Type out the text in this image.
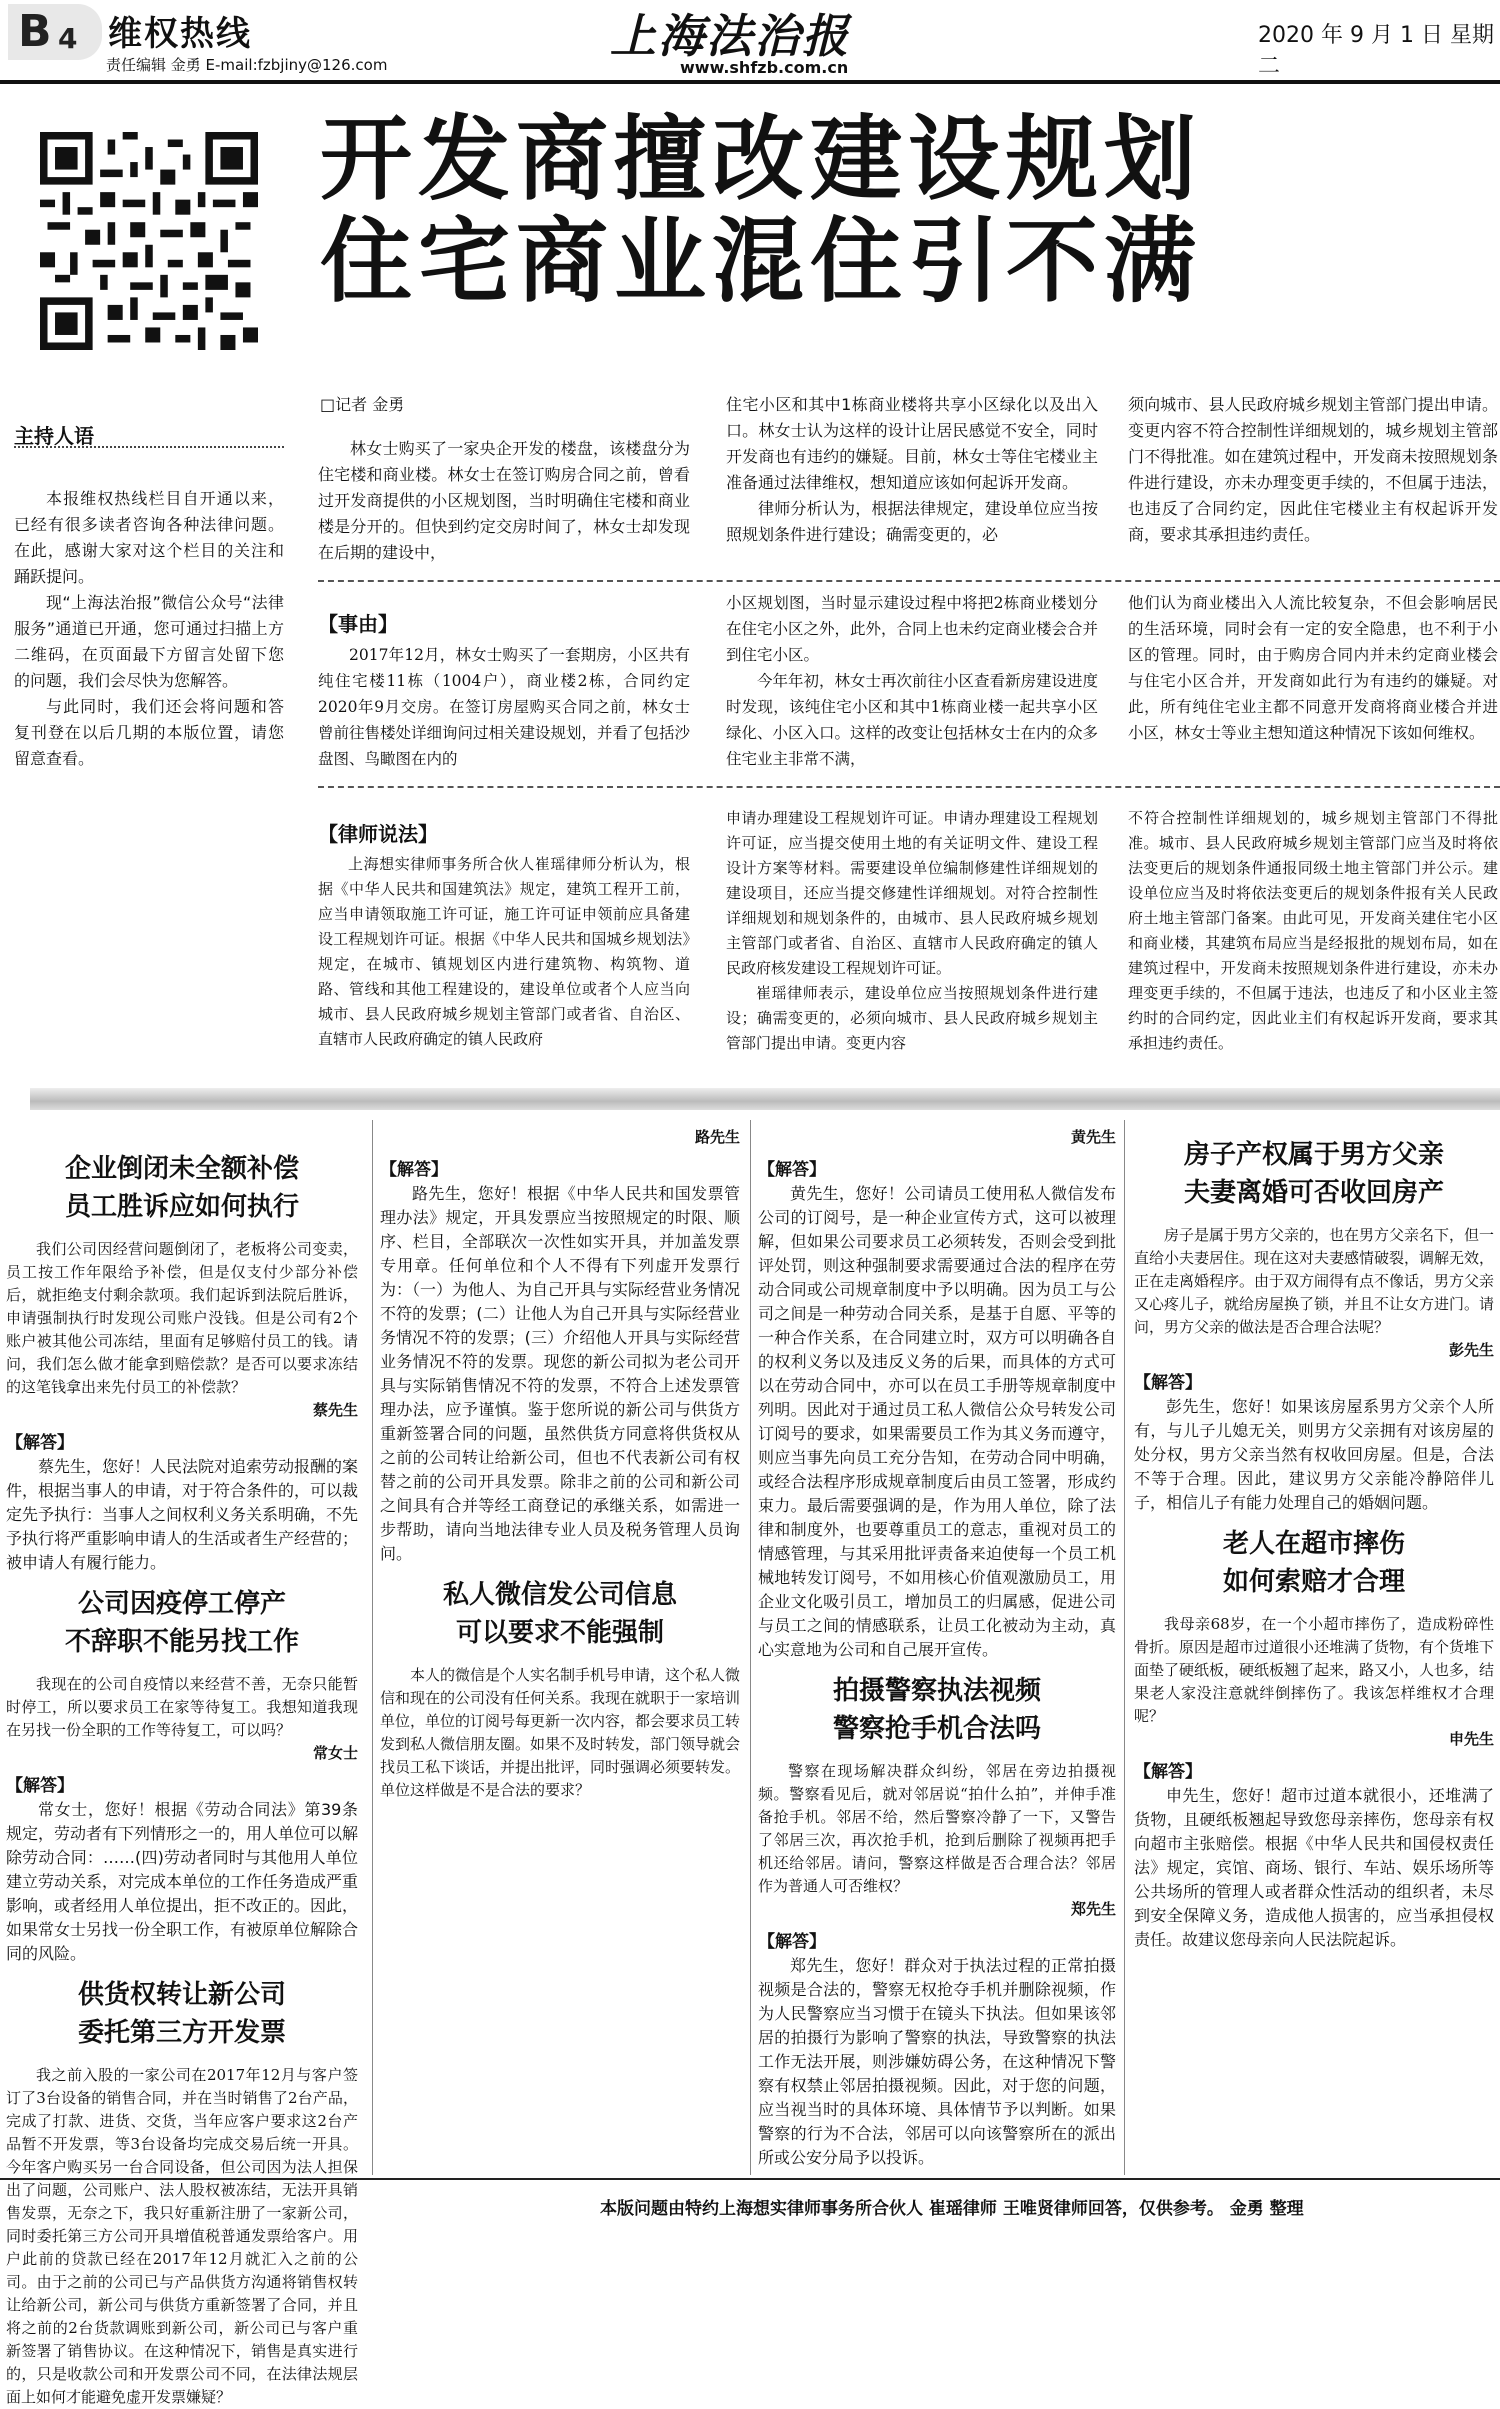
B 4 维权热线
责任编辑 金勇 E-mail:fzbjiny@126.com
上海法治报
www.shfzb.com.cn
2020 年 9 月 1 日 星期二
开发商擅改建设规划
住宅商业混住引不满
主持人语

本报维权热线栏目自开通以来，已经有很多读者咨询各种法律问题。在此，感谢大家对这个栏目的关注和踊跃提问。

现“上海法治报”微信公众号“法律服务”通道已开通，您可通过扫描上方二维码，在页面最下方留言处留下您的问题，我们会尽快为您解答。

与此同时，我们还会将问题和答复刊登在以后几期的本版位置，请您留意查看。

□记者 金勇

林女士购买了一家央企开发的楼盘，该楼盘分为住宅楼和商业楼。林女士在签订购房合同之前，曾看过开发商提供的小区规划图，当时明确住宅楼和商业楼是分开的。但快到约定交房时间了，林女士却发现在后期的建设中，

住宅小区和其中1栋商业楼将共享小区绿化以及出入口。林女士认为这样的设计让居民感觉不安全，同时开发商也有违约的嫌疑。目前，林女士等住宅楼业主准备通过法律维权，想知道应该如何起诉开发商。

律师分析认为，根据法律规定，建设单位应当按照规划条件进行建设；确需变更的，必

须向城市、县人民政府城乡规划主管部门提出申请。变更内容不符合控制性详细规划的，城乡规划主管部门不得批准。如在建筑过程中，开发商未按照规划条件进行建设，亦未办理变更手续的，不但属于违法，也违反了合同约定，因此住宅楼业主有权起诉开发商，要求其承担违约责任。

【事由】

2017年12月，林女士购买了一套期房，小区共有纯住宅楼11栋（1004户），商业楼2栋，合同约定2020年9月交房。在签订房屋购买合同之前，林女士曾前往售楼处详细询问过相关建设规划，并看了包括沙盘图、鸟瞰图在内的

小区规划图，当时显示建设过程中将把2栋商业楼划分在住宅小区之外，此外，合同上也未约定商业楼会合并到住宅小区。

今年年初，林女士再次前往小区查看新房建设进度时发现，该纯住宅小区和其中1栋商业楼一起共享小区绿化、小区入口。这样的改变让包括林女士在内的众多住宅业主非常不满，

他们认为商业楼出入人流比较复杂，不但会影响居民的生活环境，同时会有一定的安全隐患，也不利于小区的管理。同时，由于购房合同内并未约定商业楼会与住宅小区合并，开发商如此行为有违约的嫌疑。对此，所有纯住宅业主都不同意开发商将商业楼合并进小区，林女士等业主想知道这种情况下该如何维权。

【律师说法】

上海想实律师事务所合伙人崔瑶律师分析认为，根据《中华人民共和国建筑法》规定，建筑工程开工前，应当申请领取施工许可证，施工许可证申领前应具备建设工程规划许可证。根据《中华人民共和国城乡规划法》规定，在城市、镇规划区内进行建筑物、构筑物、道路、管线和其他工程建设的，建设单位或者个人应当向城市、县人民政府城乡规划主管部门或者省、自治区、直辖市人民政府确定的镇人民政府

申请办理建设工程规划许可证。申请办理建设工程规划许可证，应当提交使用土地的有关证明文件、建设工程设计方案等材料。需要建设单位编制修建性详细规划的建设项目，还应当提交修建性详细规划。对符合控制性详细规划和规划条件的，由城市、县人民政府城乡规划主管部门或者省、自治区、直辖市人民政府确定的镇人民政府核发建设工程规划许可证。

崔瑶律师表示，建设单位应当按照规划条件进行建设；确需变更的，必须向城市、县人民政府城乡规划主管部门提出申请。变更内容

不符合控制性详细规划的，城乡规划主管部门不得批准。城市、县人民政府城乡规划主管部门应当及时将依法变更后的规划条件通报同级土地主管部门并公示。建设单位应当及时将依法变更后的规划条件报有关人民政府土地主管部门备案。由此可见，开发商关建住宅小区和商业楼，其建筑布局应当是经报批的规划布局，如在建筑过程中，开发商未按照规划条件进行建设，亦未办理变更手续的，不但属于违法，也违反了和小区业主签约时的合同约定，因此业主们有权起诉开发商，要求其承担违约责任。

企业倒闭未全额补偿
员工胜诉应如何执行

我们公司因经营问题倒闭了，老板将公司变卖，员工按工作年限给予补偿，但是仅支付少部分补偿后，就拒绝支付剩余款项。我们起诉到法院后胜诉，申请强制执行时发现公司账户没钱。但是公司有2个账户被其他公司冻结，里面有足够赔付员工的钱。请问，我们怎么做才能拿到赔偿款？是否可以要求冻结的这笔钱拿出来先付员工的补偿款？

蔡先生
【解答】

蔡先生，您好！人民法院对追索劳动报酬的案件，根据当事人的申请，对于符合条件的，可以裁定先予执行：当事人之间权利义务关系明确，不先予执行将严重影响申请人的生活或者生产经营的；被申请人有履行能力。

公司因疫停工停产
不辞职不能另找工作

我现在的公司自疫情以来经营不善，无奈只能暂时停工，所以要求员工在家等待复工。我想知道我现在另找一份全职的工作等待复工，可以吗？

常女士
【解答】

常女士，您好！根据《劳动合同法》第39条规定，劳动者有下列情形之一的，用人单位可以解除劳动合同：……(四)劳动者同时与其他用人单位建立劳动关系，对完成本单位的工作任务造成严重影响，或者经用人单位提出，拒不改正的。因此，如果常女士另找一份全职工作，有被原单位解除合同的风险。

供货权转让新公司
委托第三方开发票

我之前入股的一家公司在2017年12月与客户签订了3台设备的销售合同，并在当时销售了2台产品，完成了打款、进货、交货，当年应客户要求这2台产品暂不开发票，等3台设备均完成交易后统一开具。今年客户购买另一台合同设备，但公司因为法人担保出了问题，公司账户、法人股权被冻结，无法开具销售发票，无奈之下，我只好重新注册了一家新公司，同时委托第三方公司开具增值税普通发票给客户。用户此前的贷款已经在2017年12月就汇入之前的公司。由于之前的公司已与产品供货方沟通将销售权转让给新公司，新公司与供货方重新签署了合同，并且将之前的2台货款调账到新公司，新公司已与客户重新签署了销售协议。在这种情况下，销售是真实进行的，只是收款公司和开发票公司不同，在法律法规层面上如何才能避免虚开发票嫌疑？

路先生
【解答】

路先生，您好！根据《中华人民共和国发票管理办法》规定，开具发票应当按照规定的时限、顺序、栏目，全部联次一次性如实开具，并加盖发票专用章。任何单位和个人不得有下列虚开发票行为：（一）为他人、为自己开具与实际经营业务情况不符的发票；(二）让他人为自己开具与实际经营业务情况不符的发票；(三）介绍他人开具与实际经营业务情况不符的发票。现您的新公司拟为老公司开具与实际销售情况不符的发票，不符合上述发票管理办法，应予谨慎。鉴于您所说的新公司与供货方重新签署合同的问题，虽然供货方同意将供货权从之前的公司转让给新公司，但也不代表新公司有权替之前的公司开具发票。除非之前的公司和新公司之间具有合并等经工商登记的承继关系，如需进一步帮助，请向当地法律专业人员及税务管理人员询问。

私人微信发公司信息
可以要求不能强制

本人的微信是个人实名制手机号申请，这个私人微信和现在的公司没有任何关系。我现在就职于一家培训单位，单位的订阅号每更新一次内容，都会要求员工转发到私人微信朋友圈。如果不及时转发，部门领导就会找员工私下谈话，并提出批评，同时强调必须要转发。单位这样做是不是合法的要求？

黄先生
【解答】

黄先生，您好！公司请员工使用私人微信发布公司的订阅号，是一种企业宣传方式，这可以被理解，但如果公司要求员工必须转发，否则会受到批评处罚，则这种强制要求需要通过合法的程序在劳动合同或公司规章制度中予以明确。因为员工与公司之间是一种劳动合同关系，是基于自愿、平等的一种合作关系，在合同建立时，双方可以明确各自的权利义务以及违反义务的后果，而具体的方式可以在劳动合同中，亦可以在员工手册等规章制度中列明。因此对于通过员工私人微信公众号转发公司订阅号的要求，如果需要员工作为其义务而遵守，则应当事先向员工充分告知，在劳动合同中明确，或经合法程序形成规章制度后由员工签署，形成约束力。最后需要强调的是，作为用人单位，除了法律和制度外，也要尊重员工的意志，重视对员工的情感管理，与其采用批评责备来迫使每一个员工机械地转发订阅号，不如用核心价值观激励员工，用企业文化吸引员工，增加员工的归属感，促进公司与员工之间的情感联系，让员工化被动为主动，真心实意地为公司和自己展开宣传。

拍摄警察执法视频
警察抢手机合法吗

警察在现场解决群众纠纷，邻居在旁边拍摄视频。警察看见后，就对邻居说“拍什么拍”，并伸手准备抢手机。邻居不给，然后警察冷静了一下，又警告了邻居三次，再次抢手机，抢到后删除了视频再把手机还给邻居。请问，警察这样做是否合理合法？邻居作为普通人可否维权？

郑先生
【解答】

郑先生，您好！群众对于执法过程的正常拍摄视频是合法的，警察无权抢夺手机并删除视频，作为人民警察应当习惯于在镜头下执法。但如果该邻居的拍摄行为影响了警察的执法，导致警察的执法工作无法开展，则涉嫌妨碍公务，在这种情况下警察有权禁止邻居拍摄视频。因此，对于您的问题，应当视当时的具体环境、具体情节予以判断。如果警察的行为不合法，邻居可以向该警察所在的派出所或公安分局予以投诉。

房子产权属于男方父亲
夫妻离婚可否收回房产

房子是属于男方父亲的，也在男方父亲名下，但一直给小夫妻居住。现在这对夫妻感情破裂，调解无效，正在走离婚程序。由于双方闹得有点不像话，男方父亲又心疼儿子，就给房屋换了锁，并且不让女方进门。请问，男方父亲的做法是否合理合法呢？

彭先生
【解答】

彭先生，您好！如果该房屋系男方父亲个人所有，与儿子儿媳无关，则男方父亲拥有对该房屋的处分权，男方父亲当然有权收回房屋。但是，合法不等于合理。因此，建议男方父亲能冷静陪伴儿子，相信儿子有能力处理自己的婚姻问题。

老人在超市摔伤
如何索赔才合理

我母亲68岁，在一个小超市摔伤了，造成粉碎性骨折。原因是超市过道很小还堆满了货物，有个货堆下面垫了硬纸板，硬纸板翘了起来，路又小，人也多，结果老人家没注意就绊倒摔伤了。我该怎样维权才合理呢？

申先生
【解答】

申先生，您好！超市过道本就很小，还堆满了货物，且硬纸板翘起导致您母亲摔伤，您母亲有权向超市主张赔偿。根据《中华人民共和国侵权责任法》规定，宾馆、商场、银行、车站、娱乐场所等公共场所的管理人或者群众性活动的组织者，未尽到安全保障义务，造成他人损害的，应当承担侵权责任。故建议您母亲向人民法院起诉。

本版问题由特约上海想实律师事务所合伙人 崔瑶律师 王唯贤律师回答，仅供参考。 金勇 整理
